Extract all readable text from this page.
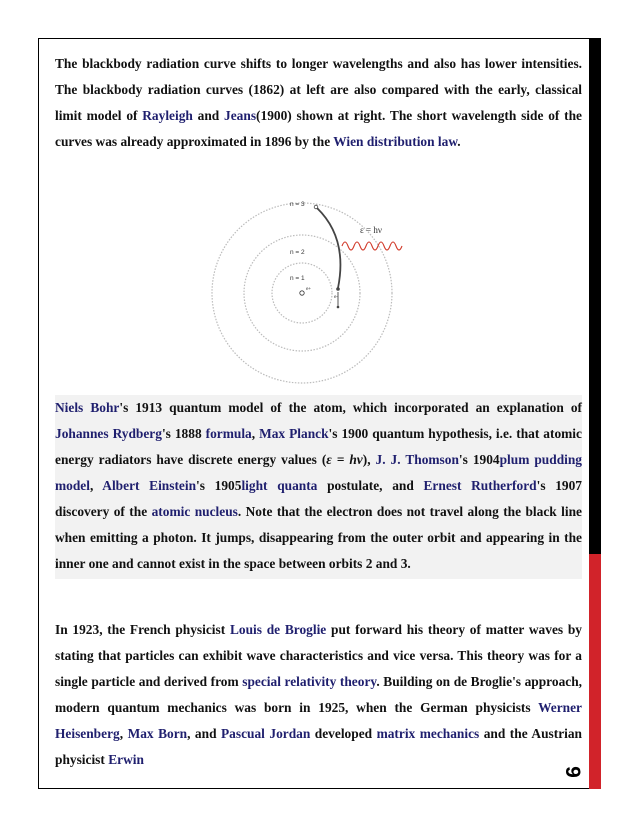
9
The blackbody radiation curve shifts to longer wavelengths and also has lower intensities. The blackbody radiation curves (1862) at left are also compared with the early, classical limit model of Rayleigh and Jeans(1900) shown at right. The short wavelength side of the curves was already approximated in 1896 by the Wien distribution law.
n = 3
n = 2
n = 1
e+
e-
ε = hν
Niels Bohr's 1913 quantum model of the atom, which incorporated an explanation of Johannes Rydberg's 1888 formula, Max Planck's 1900 quantum hypothesis, i.e. that atomic energy radiators have discrete energy values (ε = hν), J. J. Thomson's 1904plum pudding model, Albert Einstein's 1905light quanta postulate, and Ernest Rutherford's 1907 discovery of the atomic nucleus. Note that the electron does not travel along the black line when emitting a photon. It jumps, disappearing from the outer orbit and appearing in the inner one and cannot exist in the space between orbits 2 and 3.
In 1923, the French physicist Louis de Broglie put forward his theory of matter waves by stating that particles can exhibit wave characteristics and vice versa. This theory was for a single particle and derived from special relativity theory. Building on de Broglie's approach, modern quantum mechanics was born in 1925, when the German physicists Werner Heisenberg, Max Born, and Pascual Jordan developed matrix mechanics and the Austrian physicist Erwin
